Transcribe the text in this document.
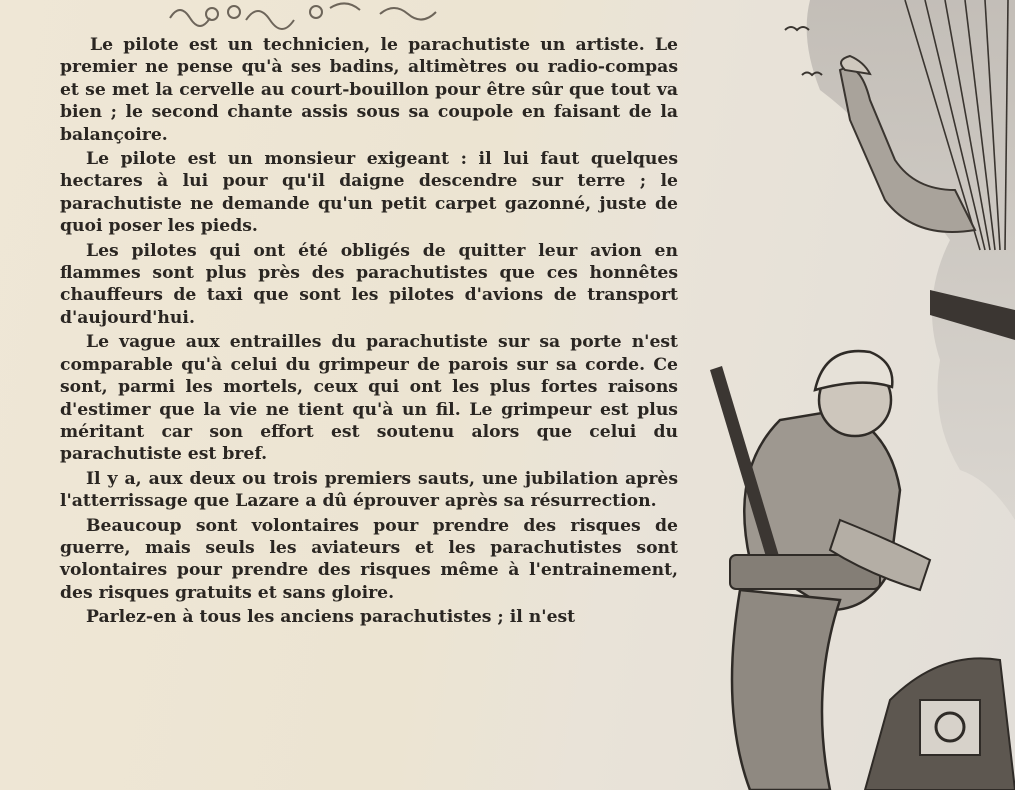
Le pilote est un technicien, le parachutiste un artiste. Le premier ne pense qu'à ses badins, altimètres ou radio-compas et se met la cervelle au court-bouillon pour être sûr que tout va bien ; le second chante assis sous sa coupole en faisant de la balançoire.

Le pilote est un monsieur exigeant : il lui faut quelques hectares à lui pour qu'il daigne descendre sur terre ; le parachutiste ne demande qu'un petit carpet gazonné, juste de quoi poser les pieds.

Les pilotes qui ont été obligés de quitter leur avion en flammes sont plus près des parachutistes que ces honnêtes chauffeurs de taxi que sont les pilotes d'avions de transport d'aujourd'hui.

Le vague aux entrailles du parachutiste sur sa porte n'est comparable qu'à celui du grimpeur de parois sur sa corde. Ce sont, parmi les mortels, ceux qui ont les plus fortes raisons d'estimer que la vie ne tient qu'à un fil. Le grimpeur est plus méritant car son effort est soutenu alors que celui du parachutiste est bref.

Il y a, aux deux ou trois premiers sauts, une jubilation après l'atterrissage que Lazare a dû éprouver après sa résurrection.

Beaucoup sont volontaires pour prendre des risques de guerre, mais seuls les aviateurs et les parachutistes sont volontaires pour prendre des risques même à l'entrainement, des risques gratuits et sans gloire.

Parlez-en à tous les anciens parachutistes ; il n'est
